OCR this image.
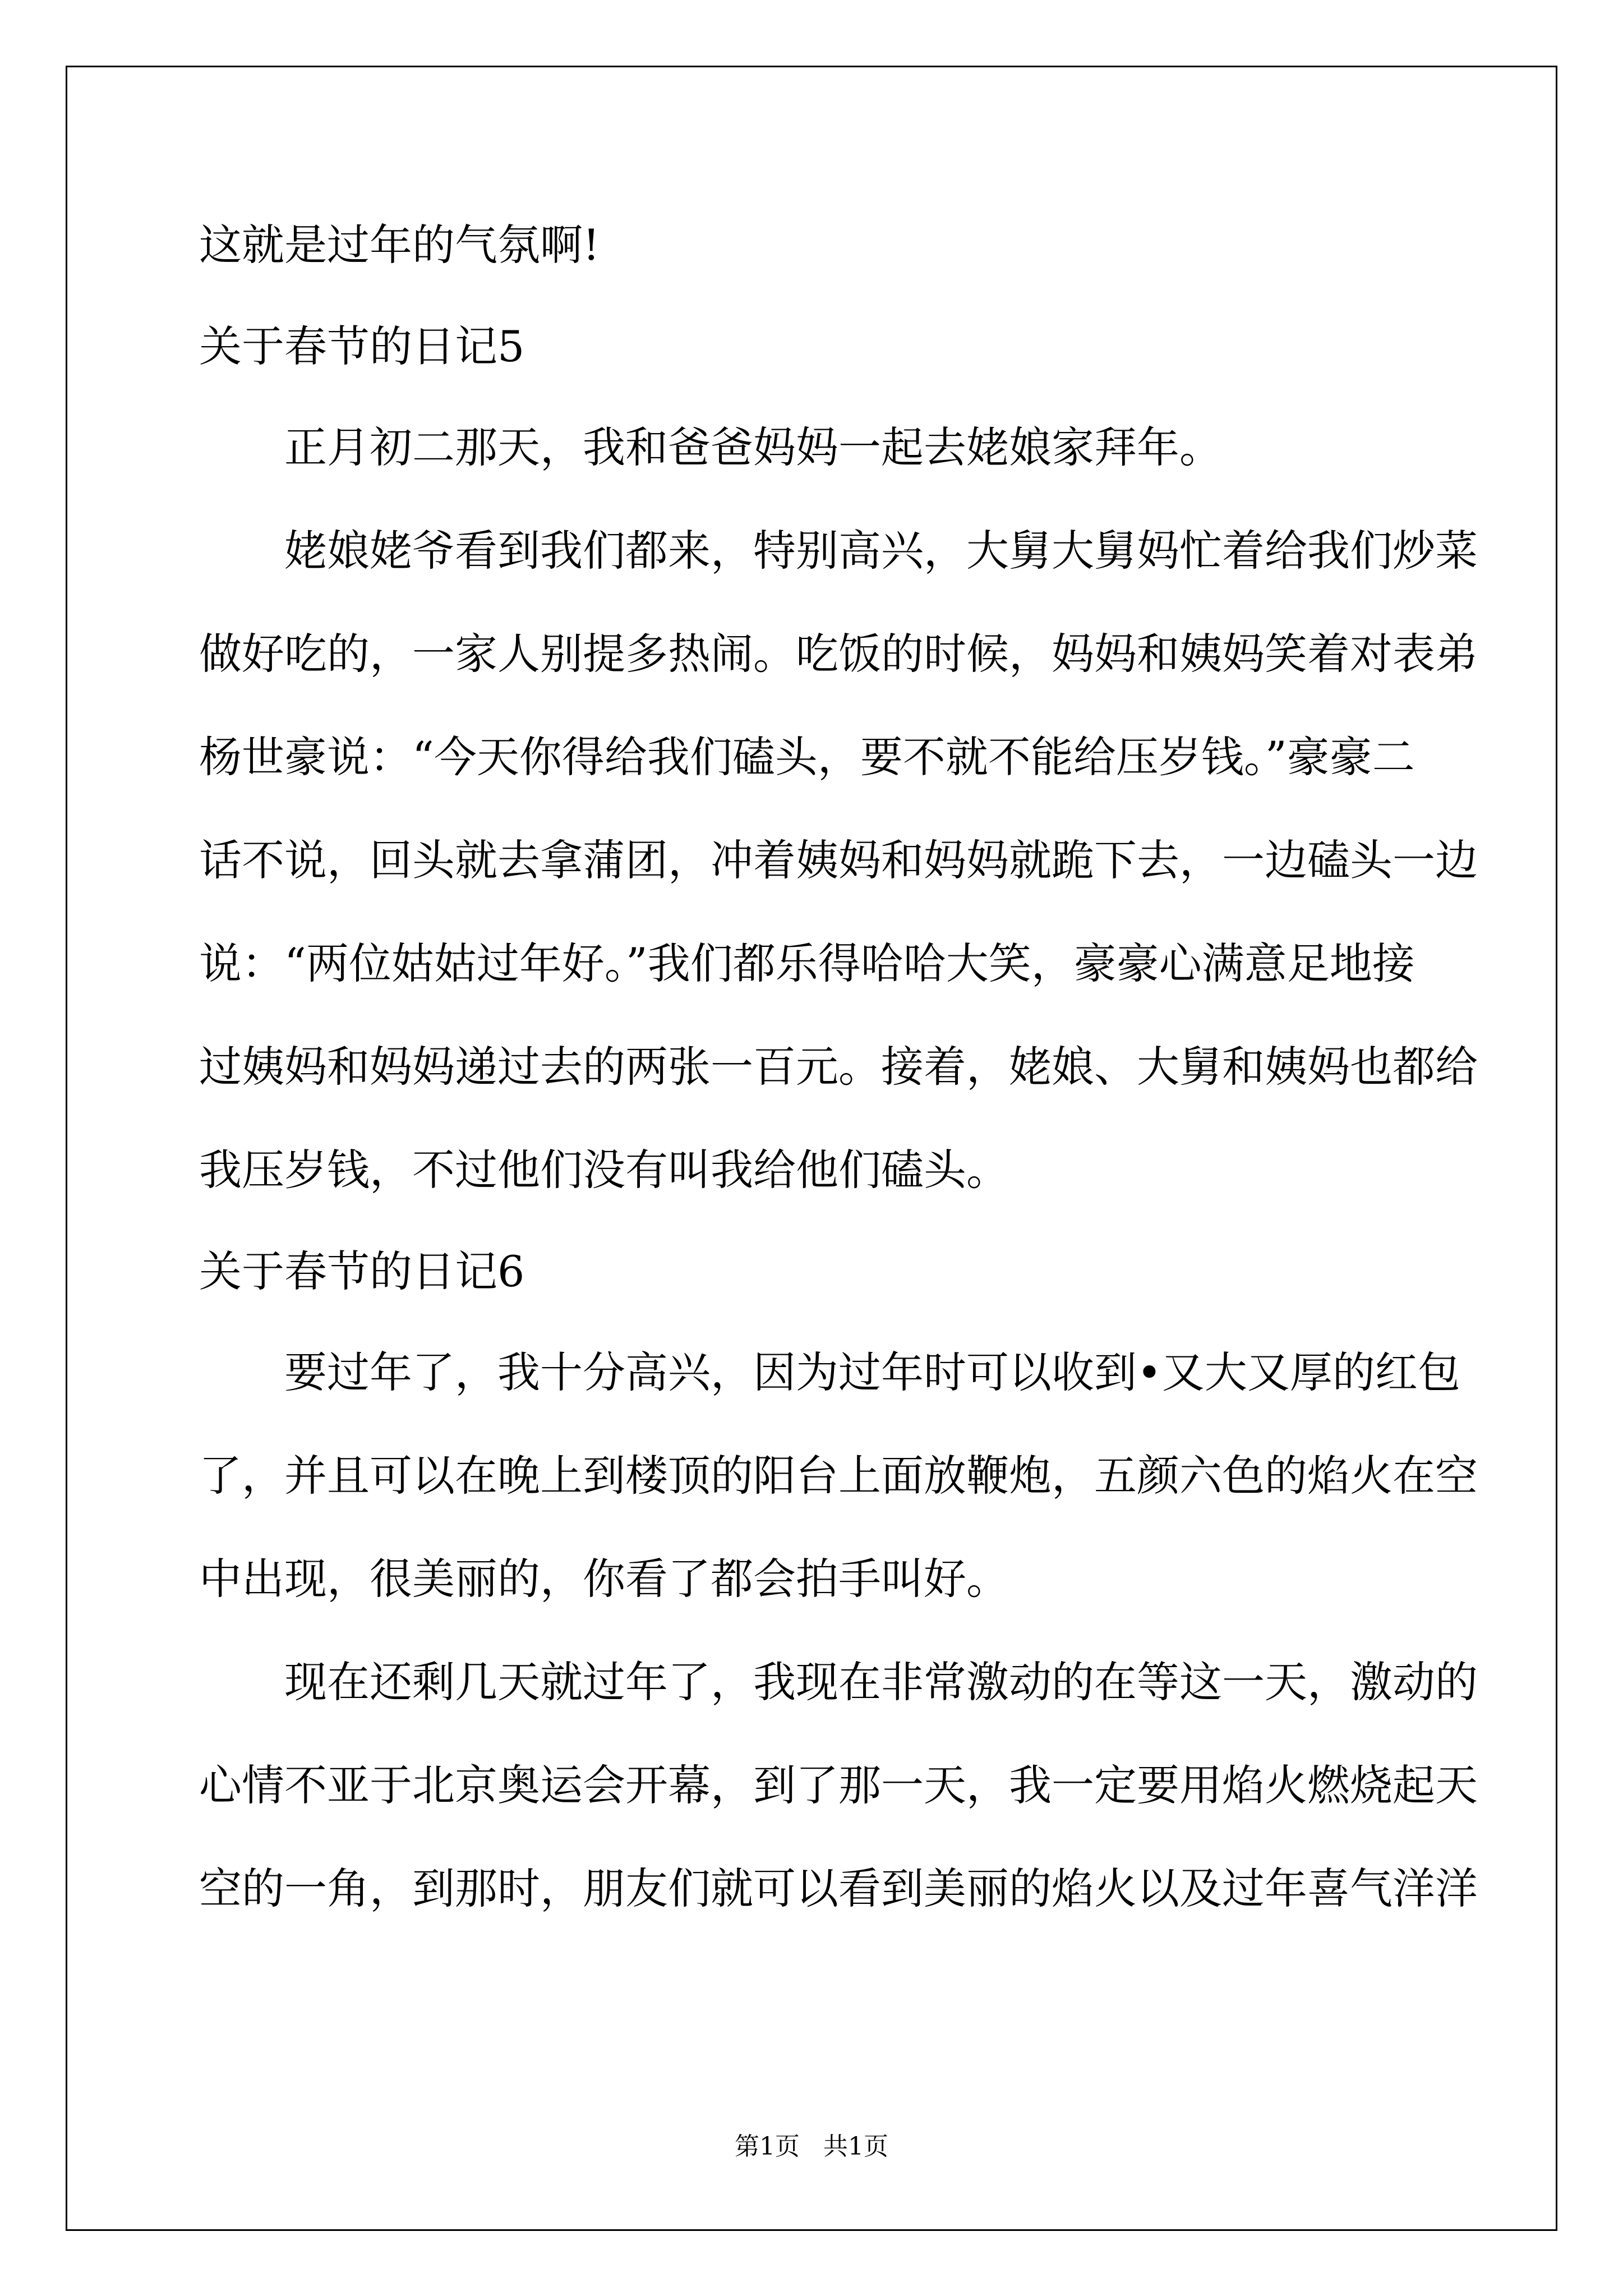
这就是过年的气氛啊!
关于春节的日记5
正月初二那天，我和爸爸妈妈一起去姥娘家拜年。
姥娘姥爷看到我们都来，特别高兴，大舅大舅妈忙着给我们炒菜
做好吃的，一家人别提多热闹。吃饭的时候，妈妈和姨妈笑着对表弟
杨世豪说：“今天你得给我们磕头，要不就不能给压岁钱。”豪豪二
话不说，回头就去拿蒲团，冲着姨妈和妈妈就跪下去，一边磕头一边
说：“两位姑姑过年好。”我们都乐得哈哈大笑，豪豪心满意足地接
过姨妈和妈妈递过去的两张一百元。接着，姥娘、大舅和姨妈也都给
我压岁钱，不过他们没有叫我给他们磕头。
关于春节的日记6
要过年了，我十分高兴，因为过年时可以收到•又大又厚的红包
了，并且可以在晚上到楼顶的阳台上面放鞭炮，五颜六色的焰火在空
中出现，很美丽的，你看了都会拍手叫好。
现在还剩几天就过年了，我现在非常激动的在等这一天，激动的
心情不亚于北京奥运会开幕，到了那一天，我一定要用焰火燃烧起天
空的一角，到那时，朋友们就可以看到美丽的焰火以及过年喜气洋洋
第1页   共1页
